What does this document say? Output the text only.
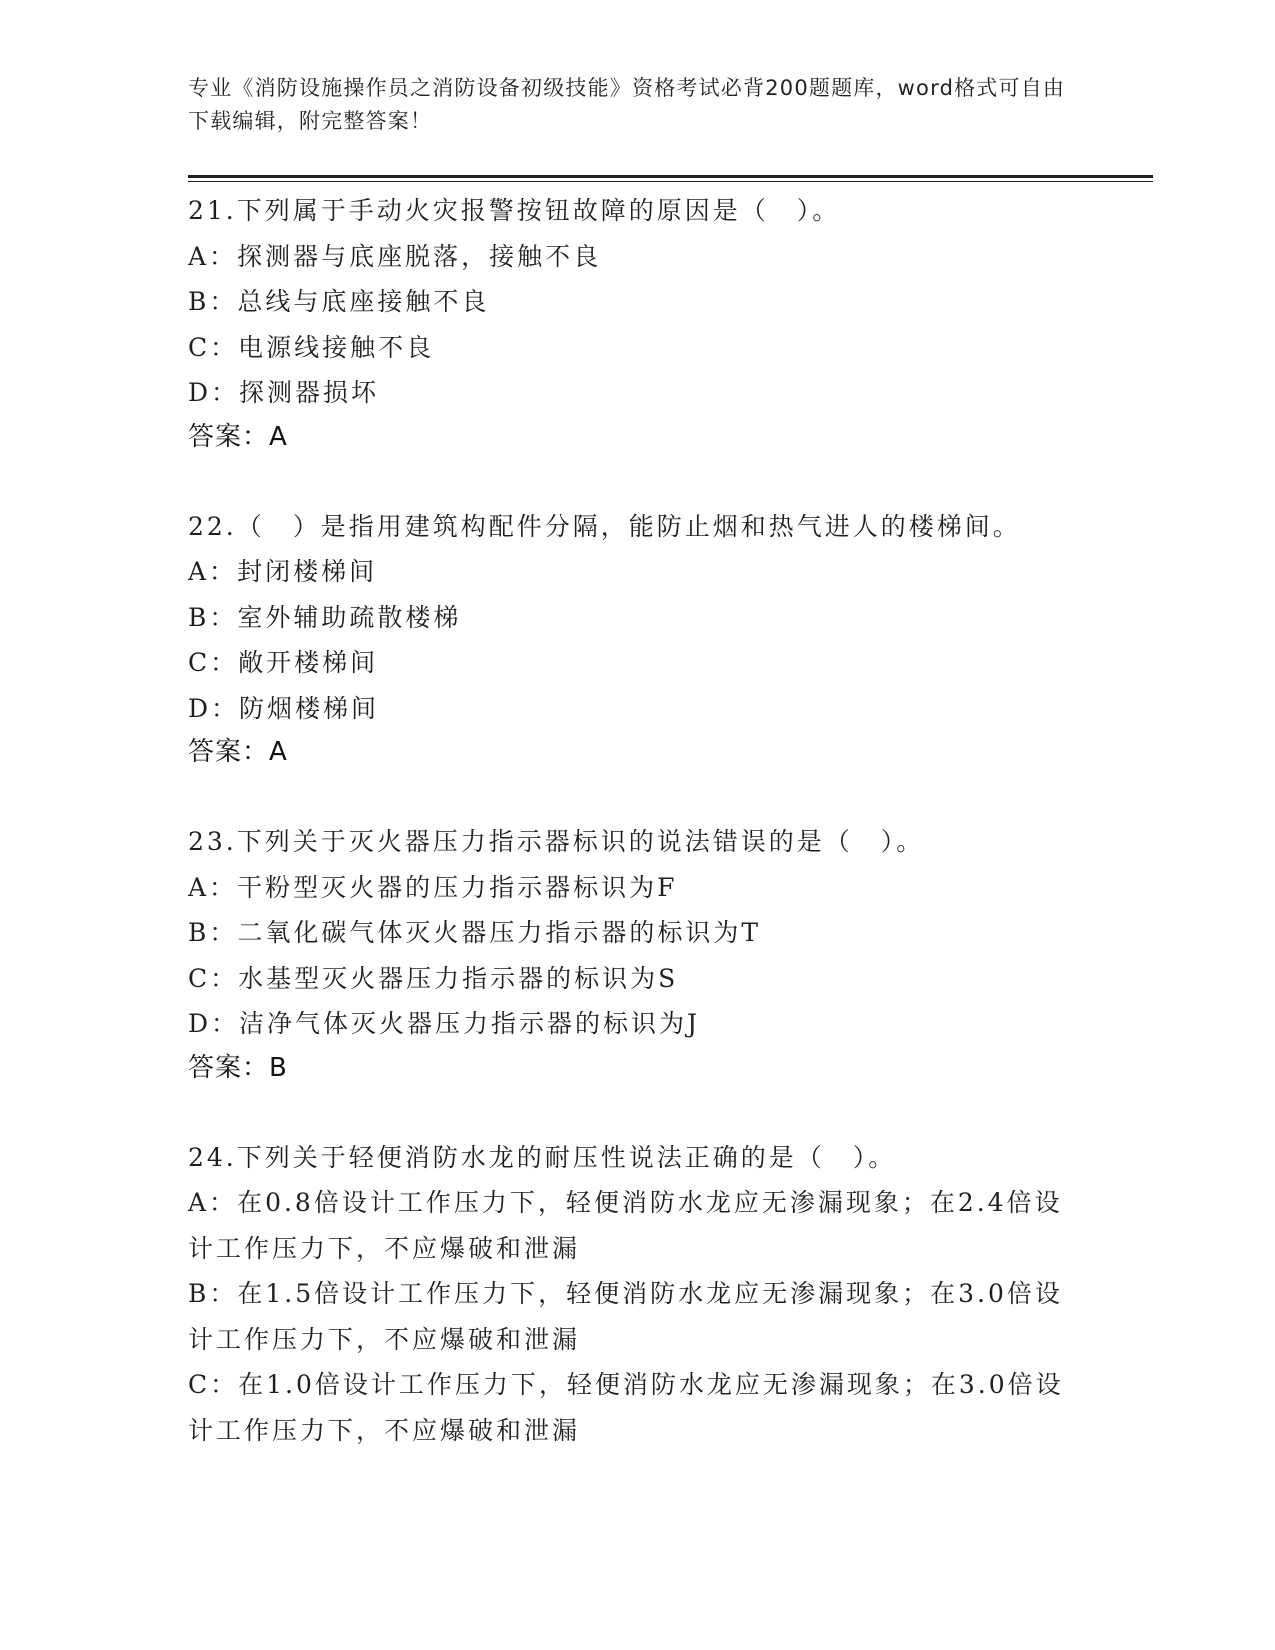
专业《消防设施操作员之消防设备初级技能》资格考试必背200题题库，word格式可自由下载编辑，附完整答案！
21.下列属于手动火灾报警按钮故障的原因是（　）。
A： 探测器与底座脱落，接触不良
B： 总线与底座接触不良
C： 电源线接触不良
D： 探测器损坏
答案：A
22.（　）是指用建筑构配件分隔，能防止烟和热气进人的楼梯间。
A： 封闭楼梯间
B： 室外辅助疏散楼梯
C： 敞开楼梯间
D： 防烟楼梯间
答案：A
23.下列关于灭火器压力指示器标识的说法错误的是（　）。
A： 干粉型灭火器的压力指示器标识为F
B： 二氧化碳气体灭火器压力指示器的标识为T
C： 水基型灭火器压力指示器的标识为S
D： 洁净气体灭火器压力指示器的标识为J
答案：B
24.下列关于轻便消防水龙的耐压性说法正确的是（　）。
A：在0.8倍设计工作压力下，轻便消防水龙应无渗漏现象；在2.4倍设计工作压力下，不应爆破和泄漏
B：在1.5倍设计工作压力下，轻便消防水龙应无渗漏现象；在3.0倍设计工作压力下，不应爆破和泄漏
C：在1.0倍设计工作压力下，轻便消防水龙应无渗漏现象；在3.0倍设计工作压力下，不应爆破和泄漏
